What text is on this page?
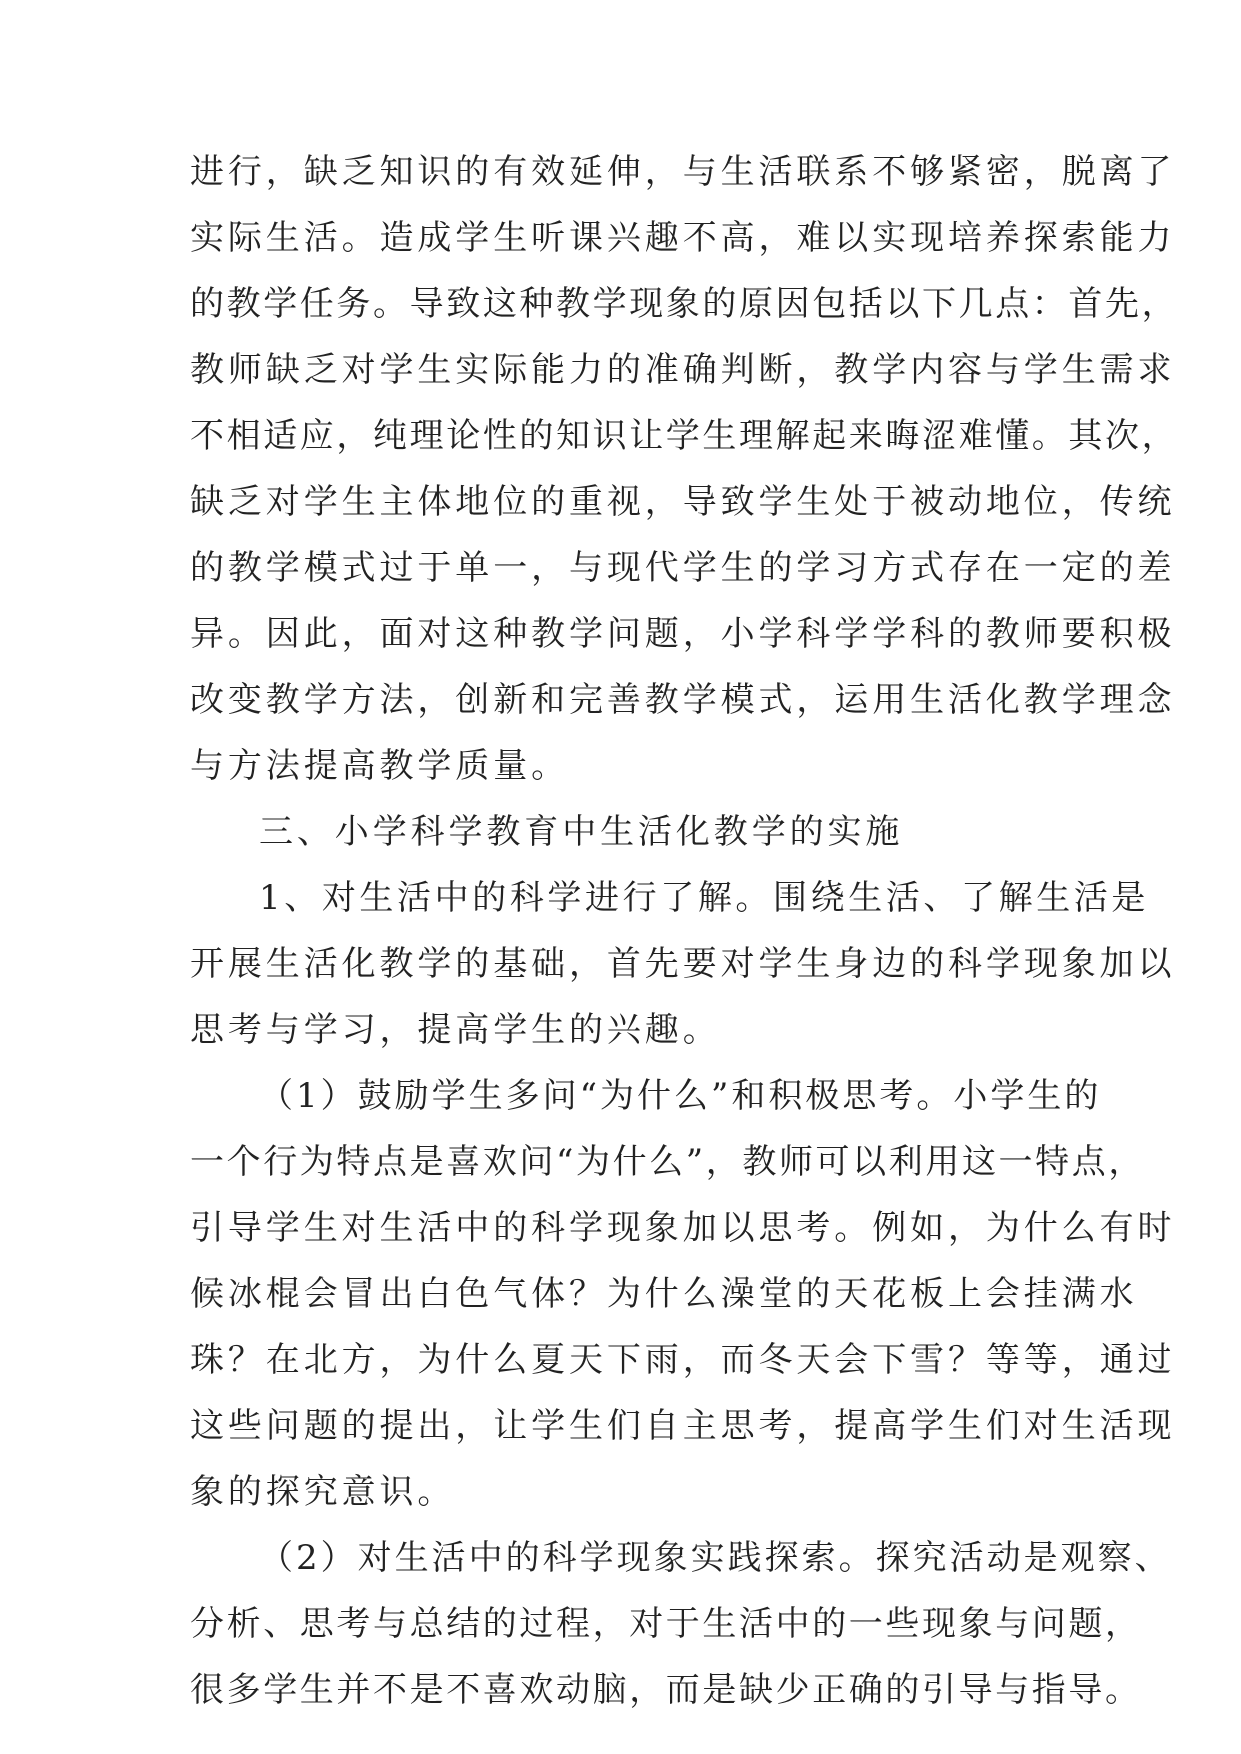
进行，缺乏知识的有效延伸，与生活联系不够紧密，脱离了
实际生活。造成学生听课兴趣不高，难以实现培养探索能力
的教学任务。导致这种教学现象的原因包括以下几点：首先，
教师缺乏对学生实际能力的准确判断，教学内容与学生需求
不相适应，纯理论性的知识让学生理解起来晦涩难懂。其次，
缺乏对学生主体地位的重视，导致学生处于被动地位，传统
的教学模式过于单一，与现代学生的学习方式存在一定的差
异。因此，面对这种教学问题，小学科学学科的教师要积极
改变教学方法，创新和完善教学模式，运用生活化教学理念
与方法提高教学质量。
三、小学科学教育中生活化教学的实施
1、对生活中的科学进行了解。围绕生活、了解生活是
开展生活化教学的基础，首先要对学生身边的科学现象加以
思考与学习，提高学生的兴趣。
（1）鼓励学生多问“为什么”和积极思考。小学生的
一个行为特点是喜欢问“为什么”，教师可以利用这一特点，
引导学生对生活中的科学现象加以思考。例如，为什么有时
候冰棍会冒出白色气体？为什么澡堂的天花板上会挂满水
珠？在北方，为什么夏天下雨，而冬天会下雪？等等，通过
这些问题的提出，让学生们自主思考，提高学生们对生活现
象的探究意识。
（2）对生活中的科学现象实践探索。探究活动是观察、
分析、思考与总结的过程，对于生活中的一些现象与问题，
很多学生并不是不喜欢动脑，而是缺少正确的引导与指导。
